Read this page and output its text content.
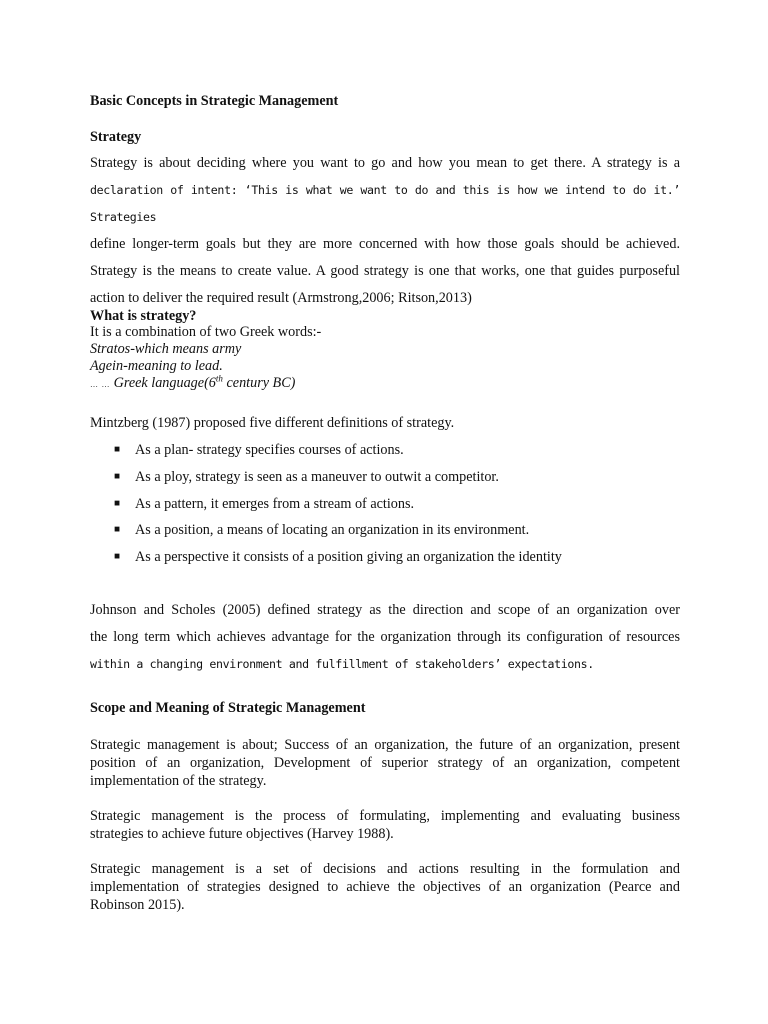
Basic Concepts in Strategic Management

Strategy

Strategy is about deciding where you want to go and how you mean to get there. A strategy is a
declaration of intent: ‘This is what we want to do and this is how we intend to do it.’ Strategies
define longer-term goals but they are more concerned with how those goals should be achieved.
Strategy is the means to create value. A good strategy is one that works, one that guides purposeful
action to deliver the required result (Armstrong,2006; Ritson,2013)

What is strategy?

It is a combination of two Greek words:-
Stratos-which means army
Agein-meaning to lead.
… … Greek language(6th century BC)

Mintzberg (1987) proposed five different definitions of strategy.

■ As a plan- strategy specifies courses of actions.
■ As a ploy, strategy is seen as a maneuver to outwit a competitor.
■ As a pattern, it emerges from a stream of actions.
■ As a position, a means of locating an organization in its environment.
■ As a perspective it consists of a position giving an organization the identity
Johnson and Scholes (2005) defined strategy as the direction and scope of an organization over
the long term which achieves advantage for the organization through its configuration of resources
within a changing environment and fulfillment of stakeholders’ expectations.

Scope and Meaning of Strategic Management

Strategic management is about; Success of an organization, the future of an organization, present
position of an organization, Development of superior strategy of an organization, competent
implementation of the strategy.
Strategic management is the process of formulating, implementing and evaluating business
strategies to achieve future objectives (Harvey 1988).
Strategic management is a set of decisions and actions resulting in the formulation and
implementation of strategies designed to achieve the objectives of an organization (Pearce and
Robinson 2015).
